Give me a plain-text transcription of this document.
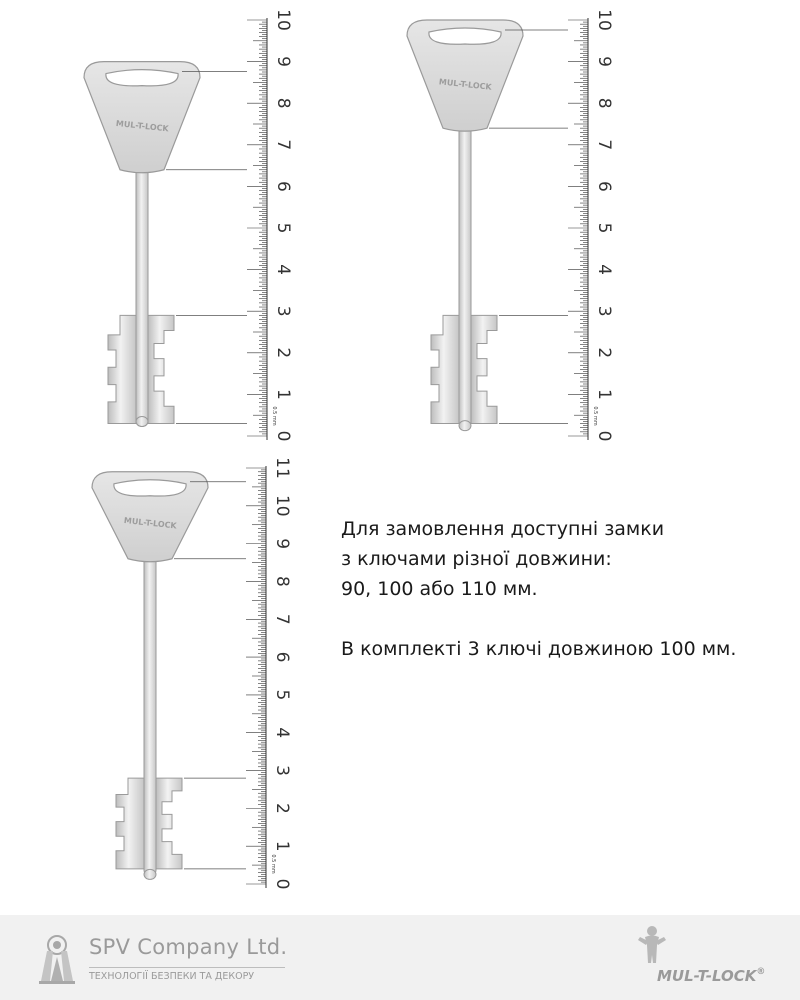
MUL-T-LOCK
0
1
2
3
4
5
6
7
8
9
10
0.5 mm
MUL-T-LOCK
0
1
2
3
4
5
6
7
8
9
10
0.5 mm
MUL-T-LOCK
0
1
2
3
4
5
6
7
8
9
10
11
0.5 mm

Для замовлення доступні замки

з ключами різної довжини:

90, 100 або 110 мм.

В комплекті 3 ключі довжиною 100 мм.

SPV Company Ltd.
ТЕХНОЛОГІЇ БЕЗПЕКИ ТА ДЕКОРУ	MUL-T-LOCK®
